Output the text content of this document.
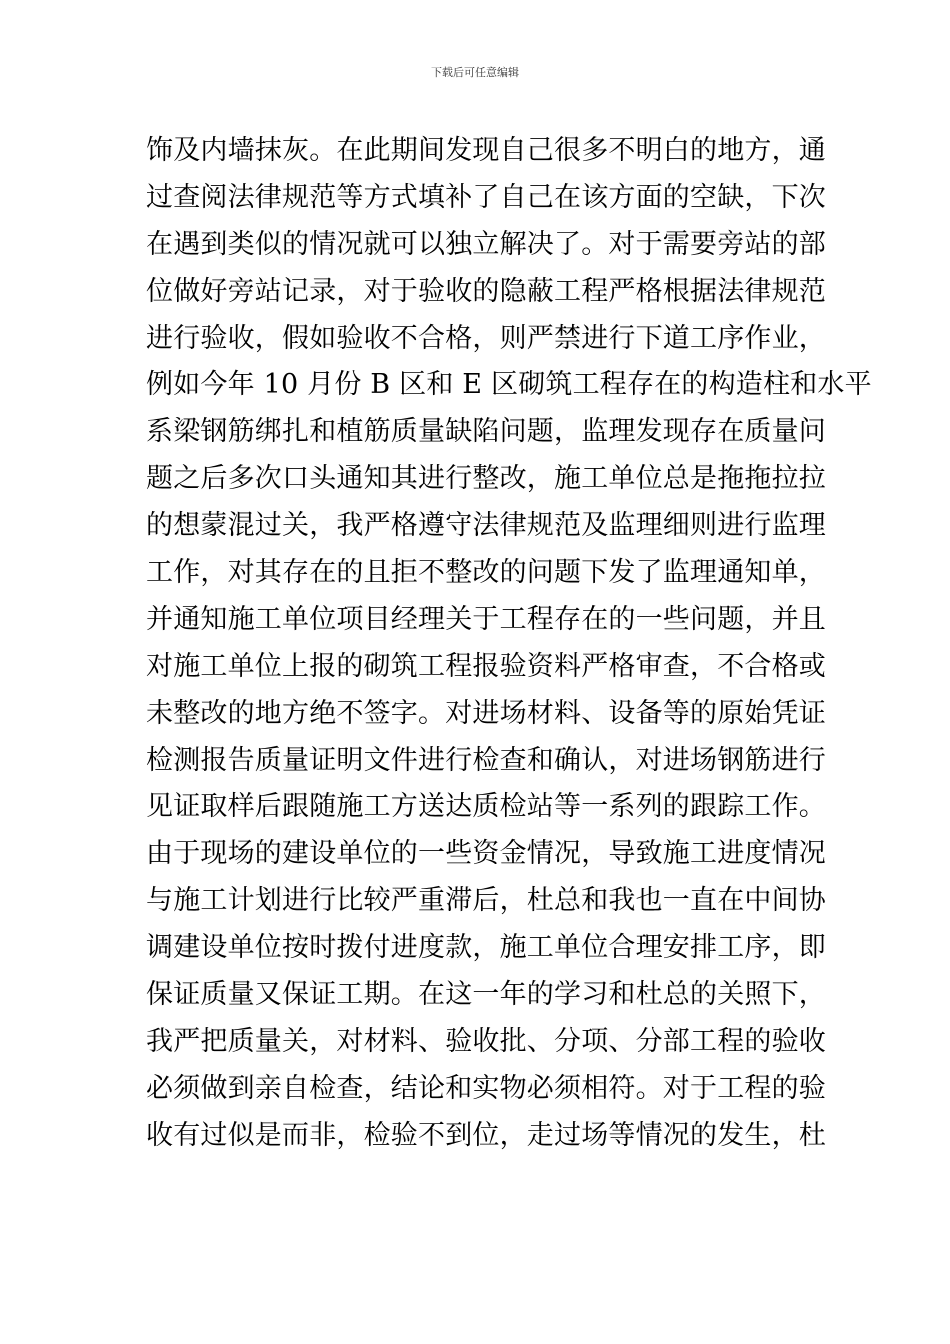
下载后可任意编辑
饰及内墙抹灰。在此期间发现自己很多不明白的地方，通
过查阅法律规范等方式填补了自己在该方面的空缺，下次
在遇到类似的情况就可以独立解决了。对于需要旁站的部
位做好旁站记录，对于验收的隐蔽工程严格根据法律规范
进行验收，假如验收不合格，则严禁进行下道工序作业，
例如今年 10 月份 B 区和 E 区砌筑工程存在的构造柱和水平
系梁钢筋绑扎和植筋质量缺陷问题，监理发现存在质量问
题之后多次口头通知其进行整改，施工单位总是拖拖拉拉
的想蒙混过关，我严格遵守法律规范及监理细则进行监理
工作，对其存在的且拒不整改的问题下发了监理通知单，
并通知施工单位项目经理关于工程存在的一些问题，并且
对施工单位上报的砌筑工程报验资料严格审查，不合格或
未整改的地方绝不签字。对进场材料、设备等的原始凭证
检测报告质量证明文件进行检查和确认，对进场钢筋进行
见证取样后跟随施工方送达质检站等一系列的跟踪工作。
由于现场的建设单位的一些资金情况，导致施工进度情况
与施工计划进行比较严重滞后，杜总和我也一直在中间协
调建设单位按时拨付进度款，施工单位合理安排工序，即
保证质量又保证工期。在这一年的学习和杜总的关照下，
我严把质量关，对材料、验收批、分项、分部工程的验收
必须做到亲自检查，结论和实物必须相符。对于工程的验
收有过似是而非，检验不到位，走过场等情况的发生，杜
